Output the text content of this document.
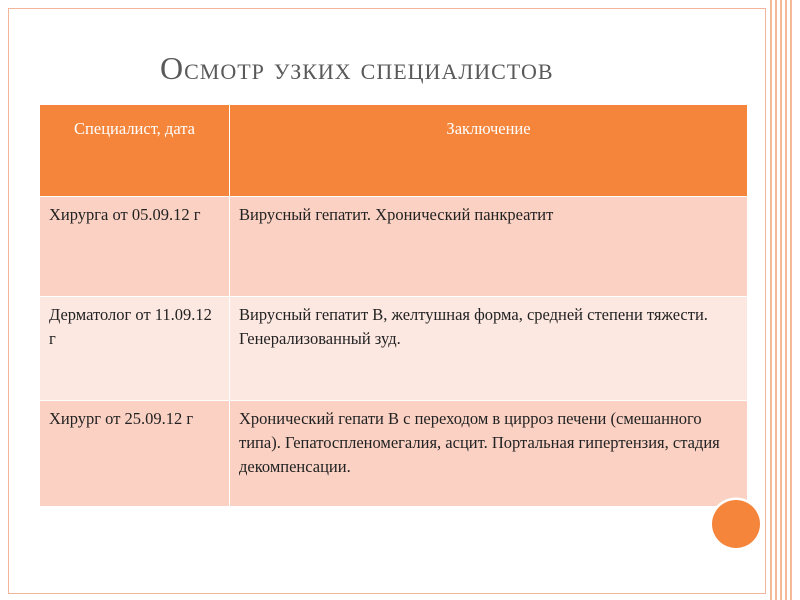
Осмотр узких специалистов
Специалист, дата	Заключение
Хирурга от 05.09.12 г	Вирусный гепатит. Хронический панкреатит
Дерматолог от 11.09.12 г	Вирусный гепатит В, желтушная форма, средней степени тяжести. Генерализованный зуд.
Хирург от 25.09.12 г	Хронический гепати В с переходом в цирроз печени (смешанного типа). Гепатоспленомегалия, асцит. Портальная гипертензия, стадия декомпенсации.
